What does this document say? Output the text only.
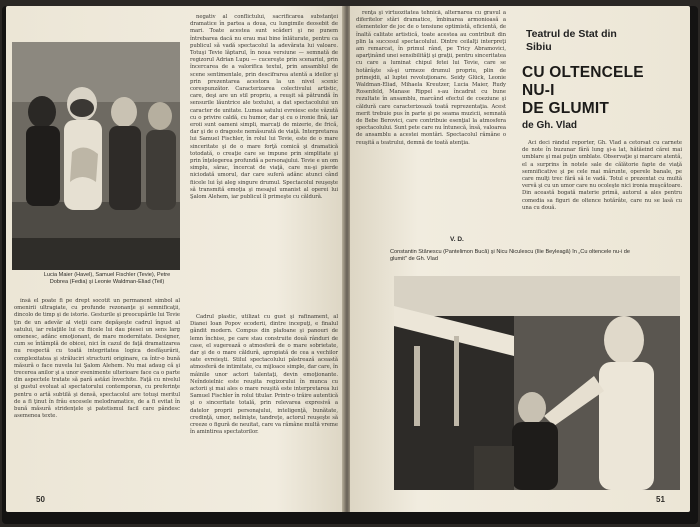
Lucia Maier (Havel), Samuel Fischler (Tevie), Petre Dobrea (Fedia) şi Leonie Waldman-Eliad (Teil)

negativ al conflictului, sacrificarea substanţei dramatice în partea a doua, cu lungimile deosebit de mari. Toate acestea sunt scăderi şi ne punem întrebarea dacă nu erau mai bine înlăturate, pentru ca publicul să vadă spectacolul la adevărata lui valoare. Totuşi Tevie lăptarul, în noua versiune — semnată de regizorul Adrian Lupu — cucereşte prin scenariul, prin încercarea de a valorifica textul, prin ansamblul de scene sentimentale, prin descifrarea atentă a ideilor şi prin prezentarea acestora la un nivel scenic corespunzător. Caracterizarea colectivului artistic, care, deşi are un stil propriu, a reuşit să pătrundă în sensurile lăuntrice ale textului, a dat spectacolului un caracter de unitate. Lumea satului evreiesc este văzută cu o privire caldă, cu humor, dar şi cu o ironie fină, iar eroii sunt oameni simpli, marcaţi de mizerie, de frică, dar şi de o dragoste nemăsurată de viaţă. Interpretarea lui Samuel Fischler, în rolul lui Tevie, este de o mare sinceritate şi de o mare forţă comică şi dramatică totodată, o creaţie care se impune prin simplitate şi prin înţelegerea profundă a personajului. Tevie e un om simplu, sărac, încercat de viaţă, care nu-şi pierde niciodată umorul, dar care suferă adânc atunci când fiicele lui îşi aleg singure drumul. Spectacolul reuşeşte să transmită emoţia şi mesajul umanist al operei lui Şalom Alehem, iar publicul îl primeşte cu căldură.

însă el poate fi pe drept socotit un permanent simbol al omenirii ultragiate, cu profunde rezonanţe şi semnificaţii, dincolo de timp şi de istorie. Gesturile şi preocupările lui Tevie ţin de un adevăr al vieţii care depăşeşte cadrul îngust al satului, iar relaţiile lui cu fiicele lui dau piesei un sens larg omenesc, adânc emoţionant, de mare modernitate. Designer, cum se întâmplă de obicei, nici în cazul de faţă dramatizarea nu respectă cu toată integritatea logica desfăşurării, complexitatea şi străluciri structurii originare, ca într-o bună măsură o face nuvela lui Şalom Alehem. Nu mai adaug că şi trecerea anilor şi a unor evenimente ulterioare face ca o parte din aspectele tratate să pară astăzi învechite. Faţă cu nivelul şi gustul evoluat al spectatorului contemporan, cu preferinţe pentru o artă subtilă şi densă, spectacolul are totuşi meritul de a fi ţinut în frâu excesele melodramatice, de a fi evitat în bună măsură stridenţele şi patetismul facil care pândesc asemenea texte.

Cadrul plastic, utilizat cu gust şi rafinament, al Dianei Ioan Popov ecoderii, dintre incepuţi, e finalul gândit modern. Compus din plafoane şi panouri de lemn închise, pe care stau construite două rânduri de case, el sugerează o atmosferă de o mare sobrietate, dar şi de o mare căldură, apropiată de cea a vechilor sate evreieşti. Stilul spectacolului păstrează această atmosferă de intimitate, cu mijloace simple, dar care, în mâinile unor actori talentaţi, devin emoţionante. Neîndoielnic este reuşita regizorului în munca cu actorii şi mai ales o mare reuşită este interpretarea lui Samuel Fischler în rolul titular. Printr-o trăire autentică şi o sinceritate totală, prin relevarea expresivă a datelor proprii personajului, inteligenţă, bunătate, credinţă, umor, nelinişte, tandreţe, actorul reuşeşte să creeze o figură de neuitat, care va rămâne multă vreme în amintirea spectatorilor.

50

renţa şi virtuozitatea tehnică, alternarea cu gravul a diferitelor stări dramatice, îmbinarea armonioasă a elementelor de joc de o tensiune optimistă, eficientă, de înaltă calitate artistică, toate acestea au contribuit din plin la succesul spectacolului. Dintre ceilalţi interpreţi am remarcat, în primul rând, pe Tricy Abramovici, aparţinând unei sensibilităţi şi graţii, pentru sinceritatea cu care a luminat chipul fetei lui Tevie, care se hotărăşte să-şi urmeze drumul propriu, plin de primejdii, al luptei revoluţionare. Seidy Glück, Leonie Waldman-Eliad, Mihaela Kreutzer, Lucia Maier, Rudy Rosenfeld, Manase Rippel s-au încadrat cu bune rezultate în ansamblu, marcând efectul de coeziune şi căldură care caracterizează toată reprezentaţia. Acest merit trebuie pus în parte şi pe seama muzicii, semnată de Bebe Berovici, care contribuie esenţial la atmosfera spectacolului. Sunt pete care nu întunecă, însă, valoarea de ansamblu a acestei montări. Spectacolul rămâne o reuşită a teatrului, demnă de toată atenţia.

V. D.
Teatrul de Stat din Sibiu
CU OLTENCELE
NU-I
DE GLUMIT
de Gh. Vlad

Aci deci rândul reporter, Gh. Vlad a cetorsat cu carnete de note în buzunar fără lung şi-a lat, hătăeind cărei mai umblare şi mai puţin umblate. Observaţie şi marcare atentă, el a surprins în notele sale de călătorie fapte de viaţă semnificative şi pe cele mai mărunte, operele banale, pe care mulţi trec fără să le vadă. Totul e prezentat cu multă vervă şi cu un umor care nu ocoleşte nici ironia muşcătoare. Din această bogată materie primă, autorul a ales pentru comedia sa figuri de oltence hotărâte, care nu se lasă cu una cu două.

Constantin Stănescu (Pantelimon Bucă) şi Nicu Niculescu (Ilie Beyleagă) în „Cu oltencele nu-i de glumit" de Gh. Vlad
51
